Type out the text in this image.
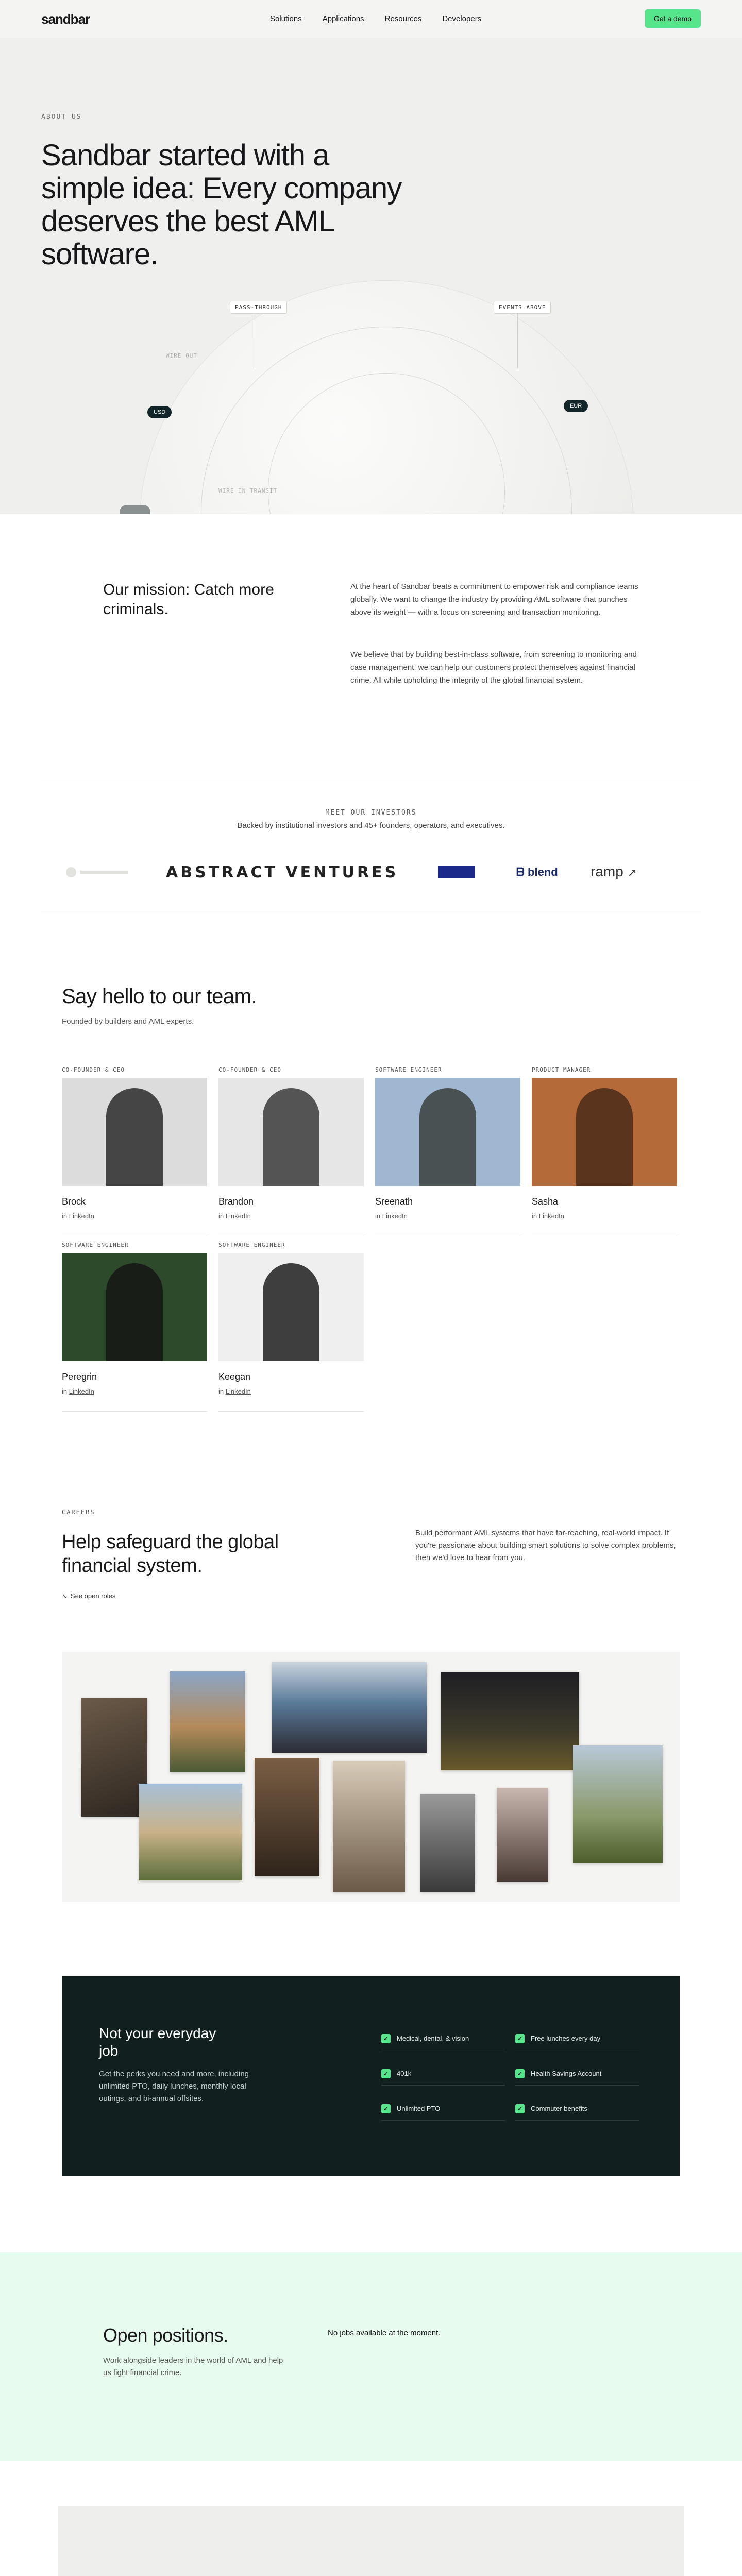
sandbar	Solutions	Applications	Resources	Developers	Get a demo
ABOUT US
Sandbar started with a simple idea: Every company deserves the best AML software.
PASS-THROUGH	EVENTS ABOVE
USD
EUR
WIRE OUT
WIRE IN TRANSIT
Our mission: Catch more criminals.
At the heart of Sandbar beats a commitment to empower risk and compliance teams globally. We want to change the industry by providing AML software that punches above its weight — with a focus on screening and transaction monitoring.
We believe that by building best-in-class software, from screening to monitoring and case management, we can help our customers protect themselves against financial crime. All while upholding the integrity of the global financial system.
MEET OUR INVESTORS
Backed by institutional investors and 45+ founders, operators, and executives.
ABSTRACT VENTURES	ᗷ blend ramp ↗
Say hello to our team.
Founded by builders and AML experts.
CO-FOUNDER & CEO
Brock
in LinkedIn
CO-FOUNDER & CEO
Brandon
in LinkedIn
SOFTWARE ENGINEER
Sreenath
in LinkedIn
PRODUCT MANAGER
Sasha
in LinkedIn
SOFTWARE ENGINEER
Peregrin
in LinkedIn
SOFTWARE ENGINEER
Keegan
in LinkedIn
CAREERS
Help safeguard the global financial system.
↘ See open roles
Build performant AML systems that have far-reaching, real-world impact. If you're passionate about building smart solutions to solve complex problems, then we'd love to hear from you.
Not your everyday job
Get the perks you need and more, including unlimited PTO, daily lunches, monthly local outings, and bi-annual offsites.
✓	Medical, dental, & vision	✓	Free lunches every day
✓	401k	✓	Health Savings Account
✓	Unlimited PTO	✓	Commuter benefits
Open positions.
Work alongside leaders in the world of AML and help us fight financial crime.
No jobs available at the moment.
